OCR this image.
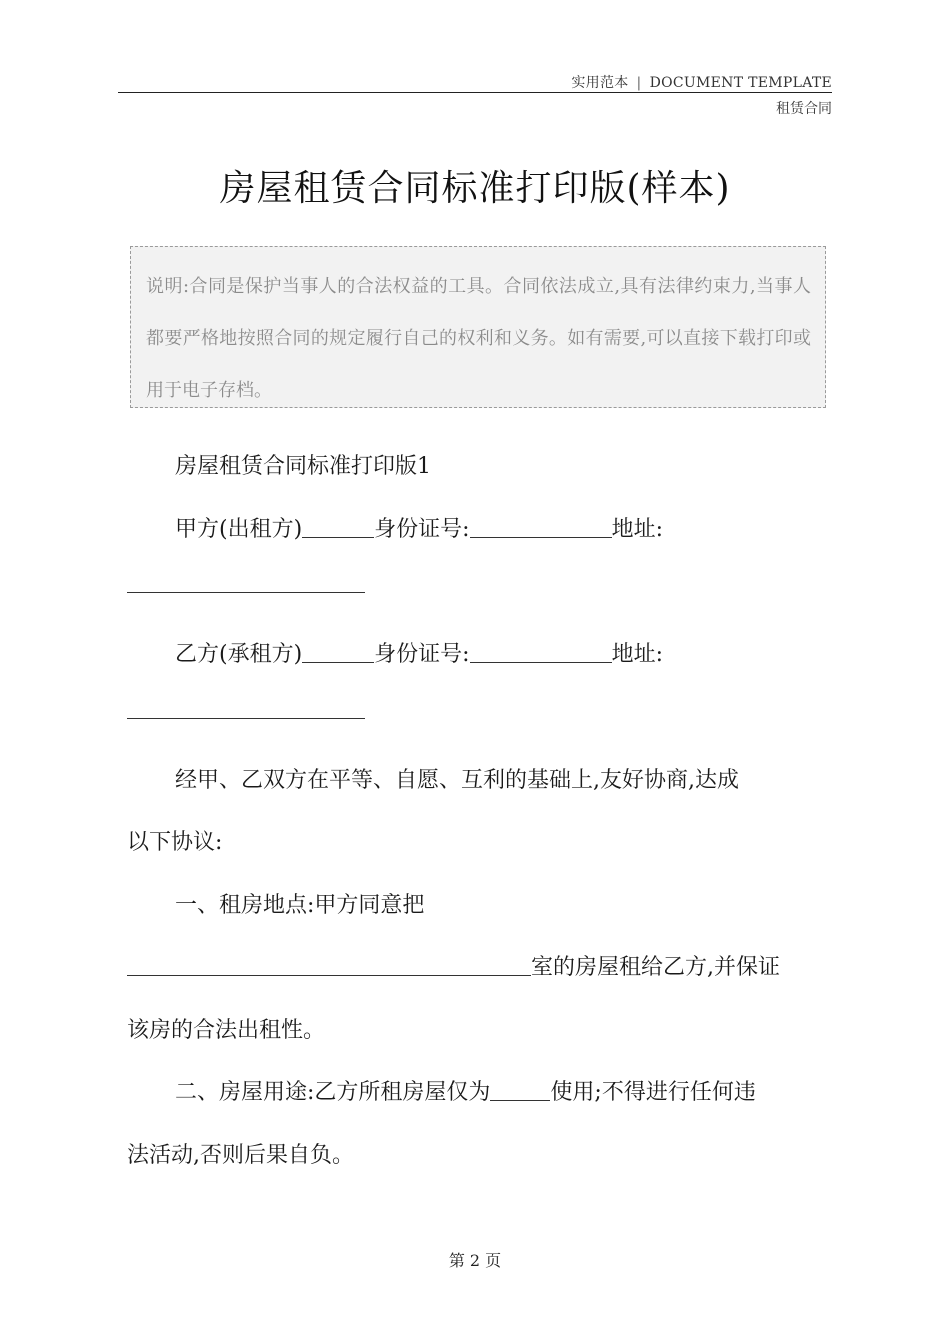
实用范本 | DOCUMENT TEMPLATE
租赁合同
房屋租赁合同标准打印版(样本)
说明:合同是保护当事人的合法权益的工具。合同依法成立,具有法律约束力,当事人都要严格地按照合同的规定履行自己的权利和义务。如有需要,可以直接下载打印或用于电子存档。

房屋租赁合同标准打印版1

甲方(出租方)	身份证号:	地址:

乙方(承租方)	身份证号:	地址:

经甲、乙双方在平等、自愿、互利的基础上,友好协商,达成

以下协议:

一、租房地点:甲方同意把

室的房屋租给乙方,并保证

该房的合法出租性。

二、房屋用途:乙方所租房屋仅为	使用;不得进行任何违

法活动,否则后果自负。

第 2 页
